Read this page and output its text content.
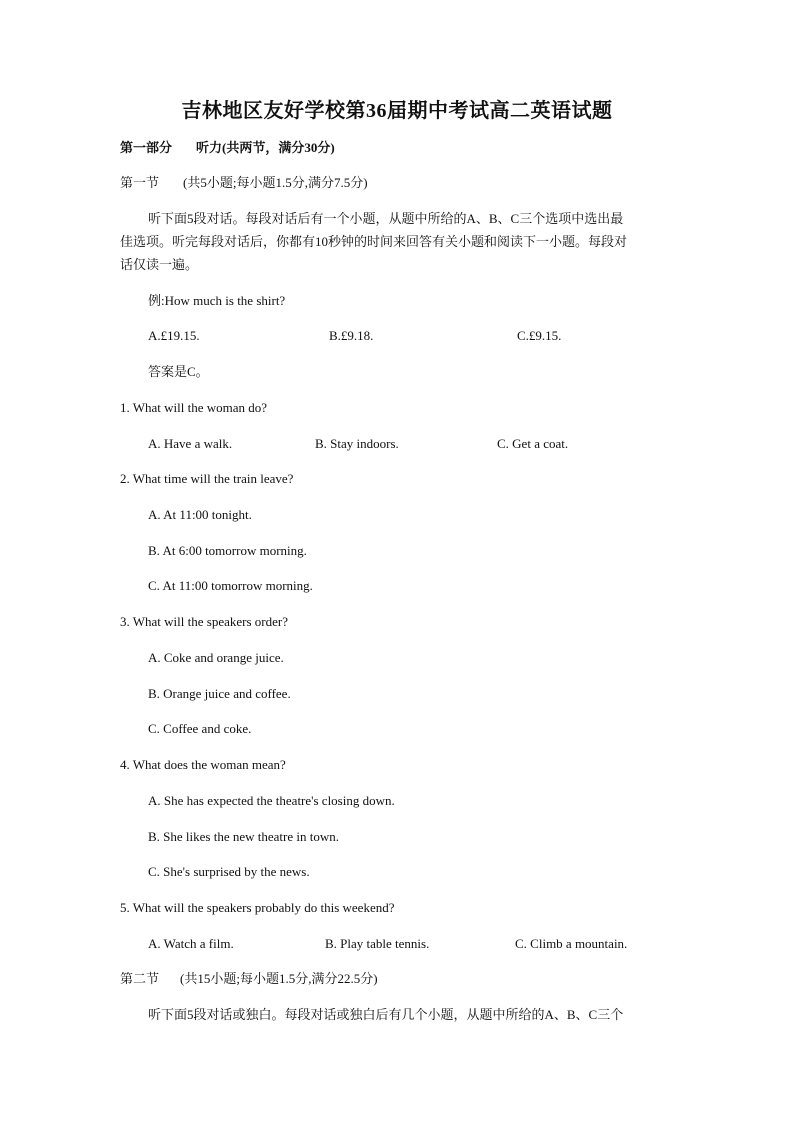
吉林地区友好学校第36届期中考试高二英语试题
第一部分 听力(共两节，满分30分)
第一节 (共5小题;每小题1.5分,满分7.5分)
听下面5段对话。每段对话后有一个小题，从题中所给的A、B、C三个选项中选出最
佳选项。听完每段对话后，你都有10秒钟的时间来回答有关小题和阅读下一小题。每段对
话仅读一遍。
例:How much is the shirt?
A.£19.15.	B.£9.18.	C.£9.15.
答案是C。
1. What will the woman do?
A. Have a walk.	B. Stay indoors.	C. Get a coat.
2. What time will the train leave?
A. At 11:00 tonight.
B. At 6:00 tomorrow morning.
C. At 11:00 tomorrow morning.
3. What will the speakers order?
A. Coke and orange juice.
B. Orange juice and coffee.
C. Coffee and coke.
4. What does the woman mean?
A. She has expected the theatre's closing down.
B. She likes the new theatre in town.
C. She's surprised by the news.
5. What will the speakers probably do this weekend?
A. Watch a film.	B. Play table tennis.	C. Climb a mountain.
第二节 (共15小题;每小题1.5分,满分22.5分)
听下面5段对话或独白。每段对话或独白后有几个小题，从题中所给的A、B、C三个
